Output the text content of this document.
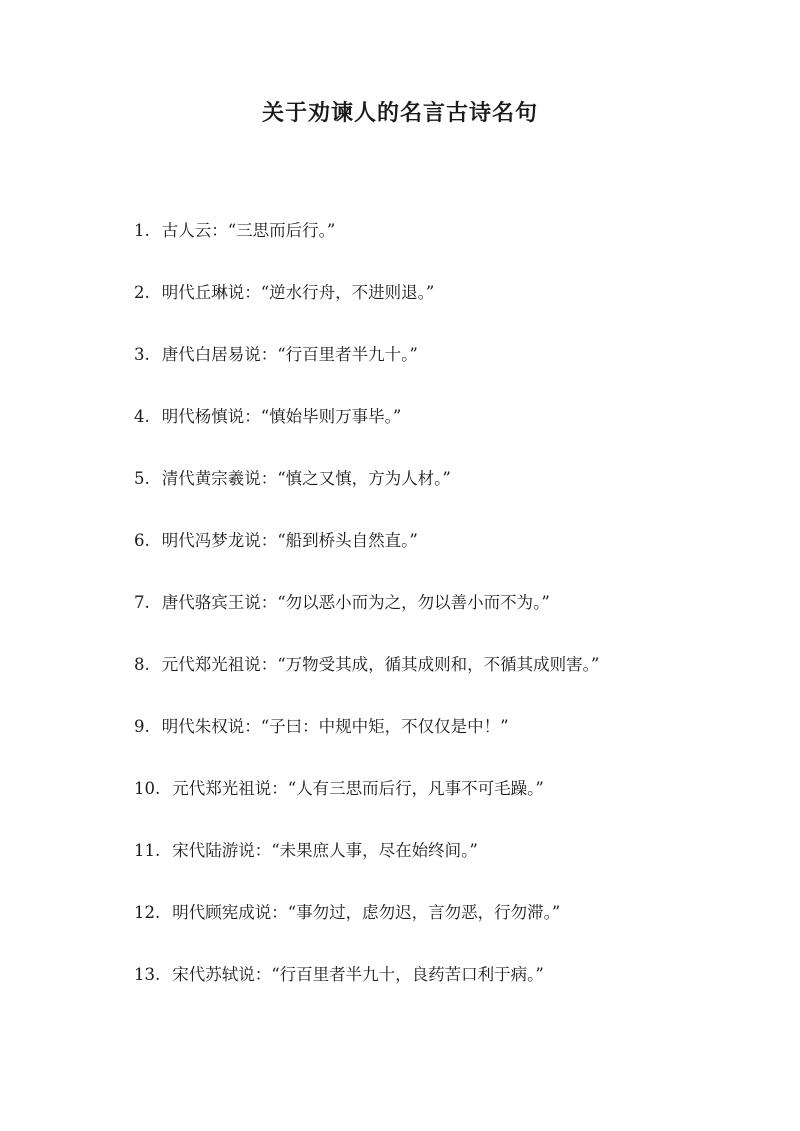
关于劝谏人的名言古诗名句
1. 古人云：“三思而后行。”
2. 明代丘琳说：“逆水行舟，不进则退。”
3. 唐代白居易说：“行百里者半九十。”
4. 明代杨慎说：“慎始毕则万事毕。”
5. 清代黄宗羲说：“慎之又慎，方为人材。”
6. 明代冯梦龙说：“船到桥头自然直。”
7. 唐代骆宾王说：“勿以恶小而为之，勿以善小而不为。”
8. 元代郑光祖说：“万物受其成，循其成则和，不循其成则害。”
9. 明代朱权说：“子曰：中规中矩，不仅仅是中！”
10. 元代郑光祖说：“人有三思而后行，凡事不可毛躁。”
11. 宋代陆游说：“未果庶人事，尽在始终间。”
12. 明代顾宪成说：“事勿过，虑勿迟，言勿恶，行勿滞。”
13. 宋代苏轼说：“行百里者半九十，良药苦口利于病。”
